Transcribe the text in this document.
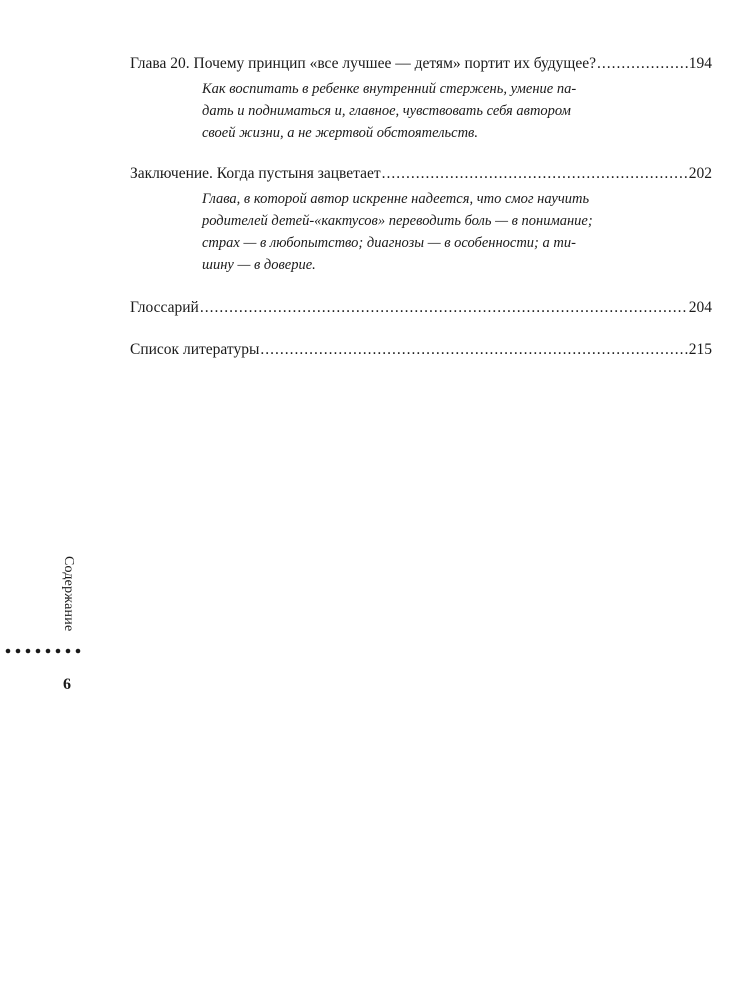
Глава 20. Почему принцип «все лучшее — детям» портит их будущее? .....	194
Как воспитать в ребенке внутренний стержень, умение па-
дать и подниматься и, главное, чувствовать себя автором
своей жизни, а не жертвой обстоятельств.
Заключение. Когда пустыня зацветает .....	202
Глава, в которой автор искренне надеется, что смог научить
родителей детей-«кактусов» переводить боль — в понимание;
страх — в любопытство; диагнозы — в особенности; а ти-
шину — в доверие.
Глоссарий .....	204
Список литературы .....	215
Содержание
6
